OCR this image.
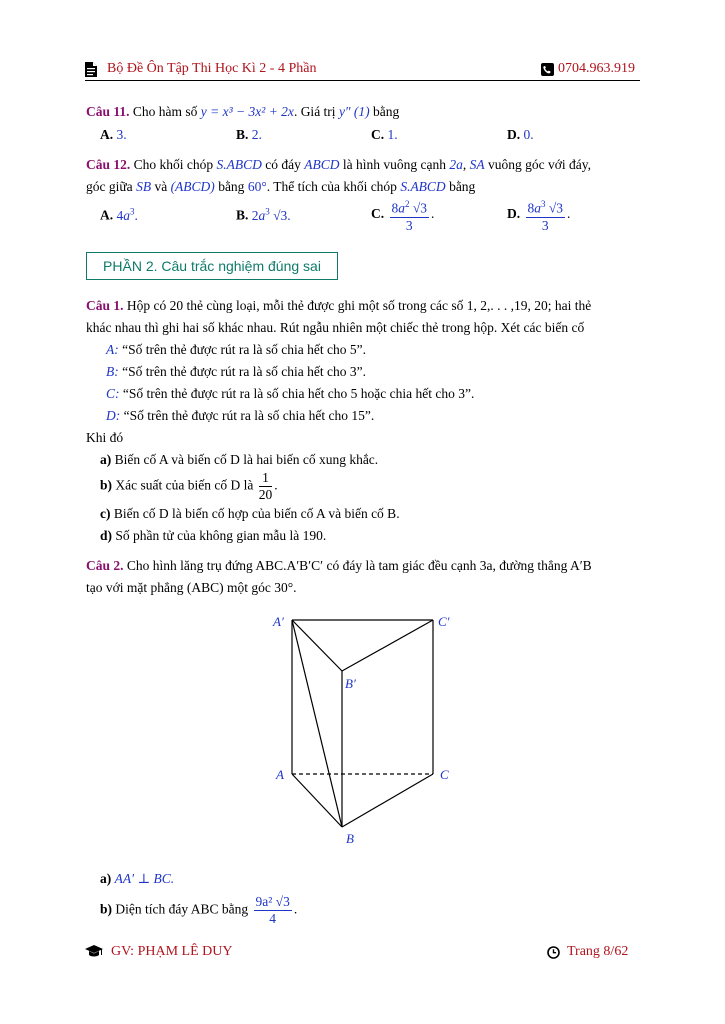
Bộ Đề Ôn Tập Thi Học Kì 2 - 4 Phần	0704.963.919
Câu 11. Cho hàm số y = x³ − 3x² + 2x. Giá trị y″ (1) bằng
A. 3.	B. 2.	C. 1.	D. 0.
Câu 12. Cho khối chóp S.ABCD có đáy ABCD là hình vuông cạnh 2a, SA vuông góc với đáy,
góc giữa SB và (ABCD) bằng 60°. Thể tích của khối chóp S.ABCD bằng
A. $4a^3$.	B. $2a^3$ √3.	C. $\frac{8a^2 √3}{3}$ .	D. $\frac{8a^3 √3}{3}$ .
PHẦN 2. Câu trắc nghiệm đúng sai
Câu 1. Hộp có 20 thẻ cùng loại, mỗi thẻ được ghi một số trong các số 1, 2,. . . ,19, 20; hai thẻ
khác nhau thì ghi hai số khác nhau. Rút ngẫu nhiên một chiếc thẻ trong hộp. Xét các biến cố
A: “Số trên thẻ được rút ra là số chia hết cho 5”.
B: “Số trên thẻ được rút ra là số chia hết cho 3”.
C: “Số trên thẻ được rút ra là số chia hết cho 5 hoặc chia hết cho 3”.
D: “Số trên thẻ được rút ra là số chia hết cho 15”.
Khi đó
a) Biến cố A và biến cố D là hai biến cố xung khắc.
b) Xác suất của biến cố D là $\frac{1}{20}$ .
c) Biến cố D là biến cố hợp của biến cố A và biến cố B.
d) Số phần tử của không gian mẫu là 190.
Câu 2. Cho hình lăng trụ đứng ABC.A′B′C′ có đáy là tam giác đều cạnh 3a, đường thẳng A′B
tạo với mặt phẳng (ABC) một góc 30°.
A′	C′
B′
A	C
B
a) AA′ ⊥ BC.
b) Diện tích đáy ABC bằng $\frac{\text{9a² √3}}{4}$ .
GV: PHẠM LÊ DUY	Trang 8/62
